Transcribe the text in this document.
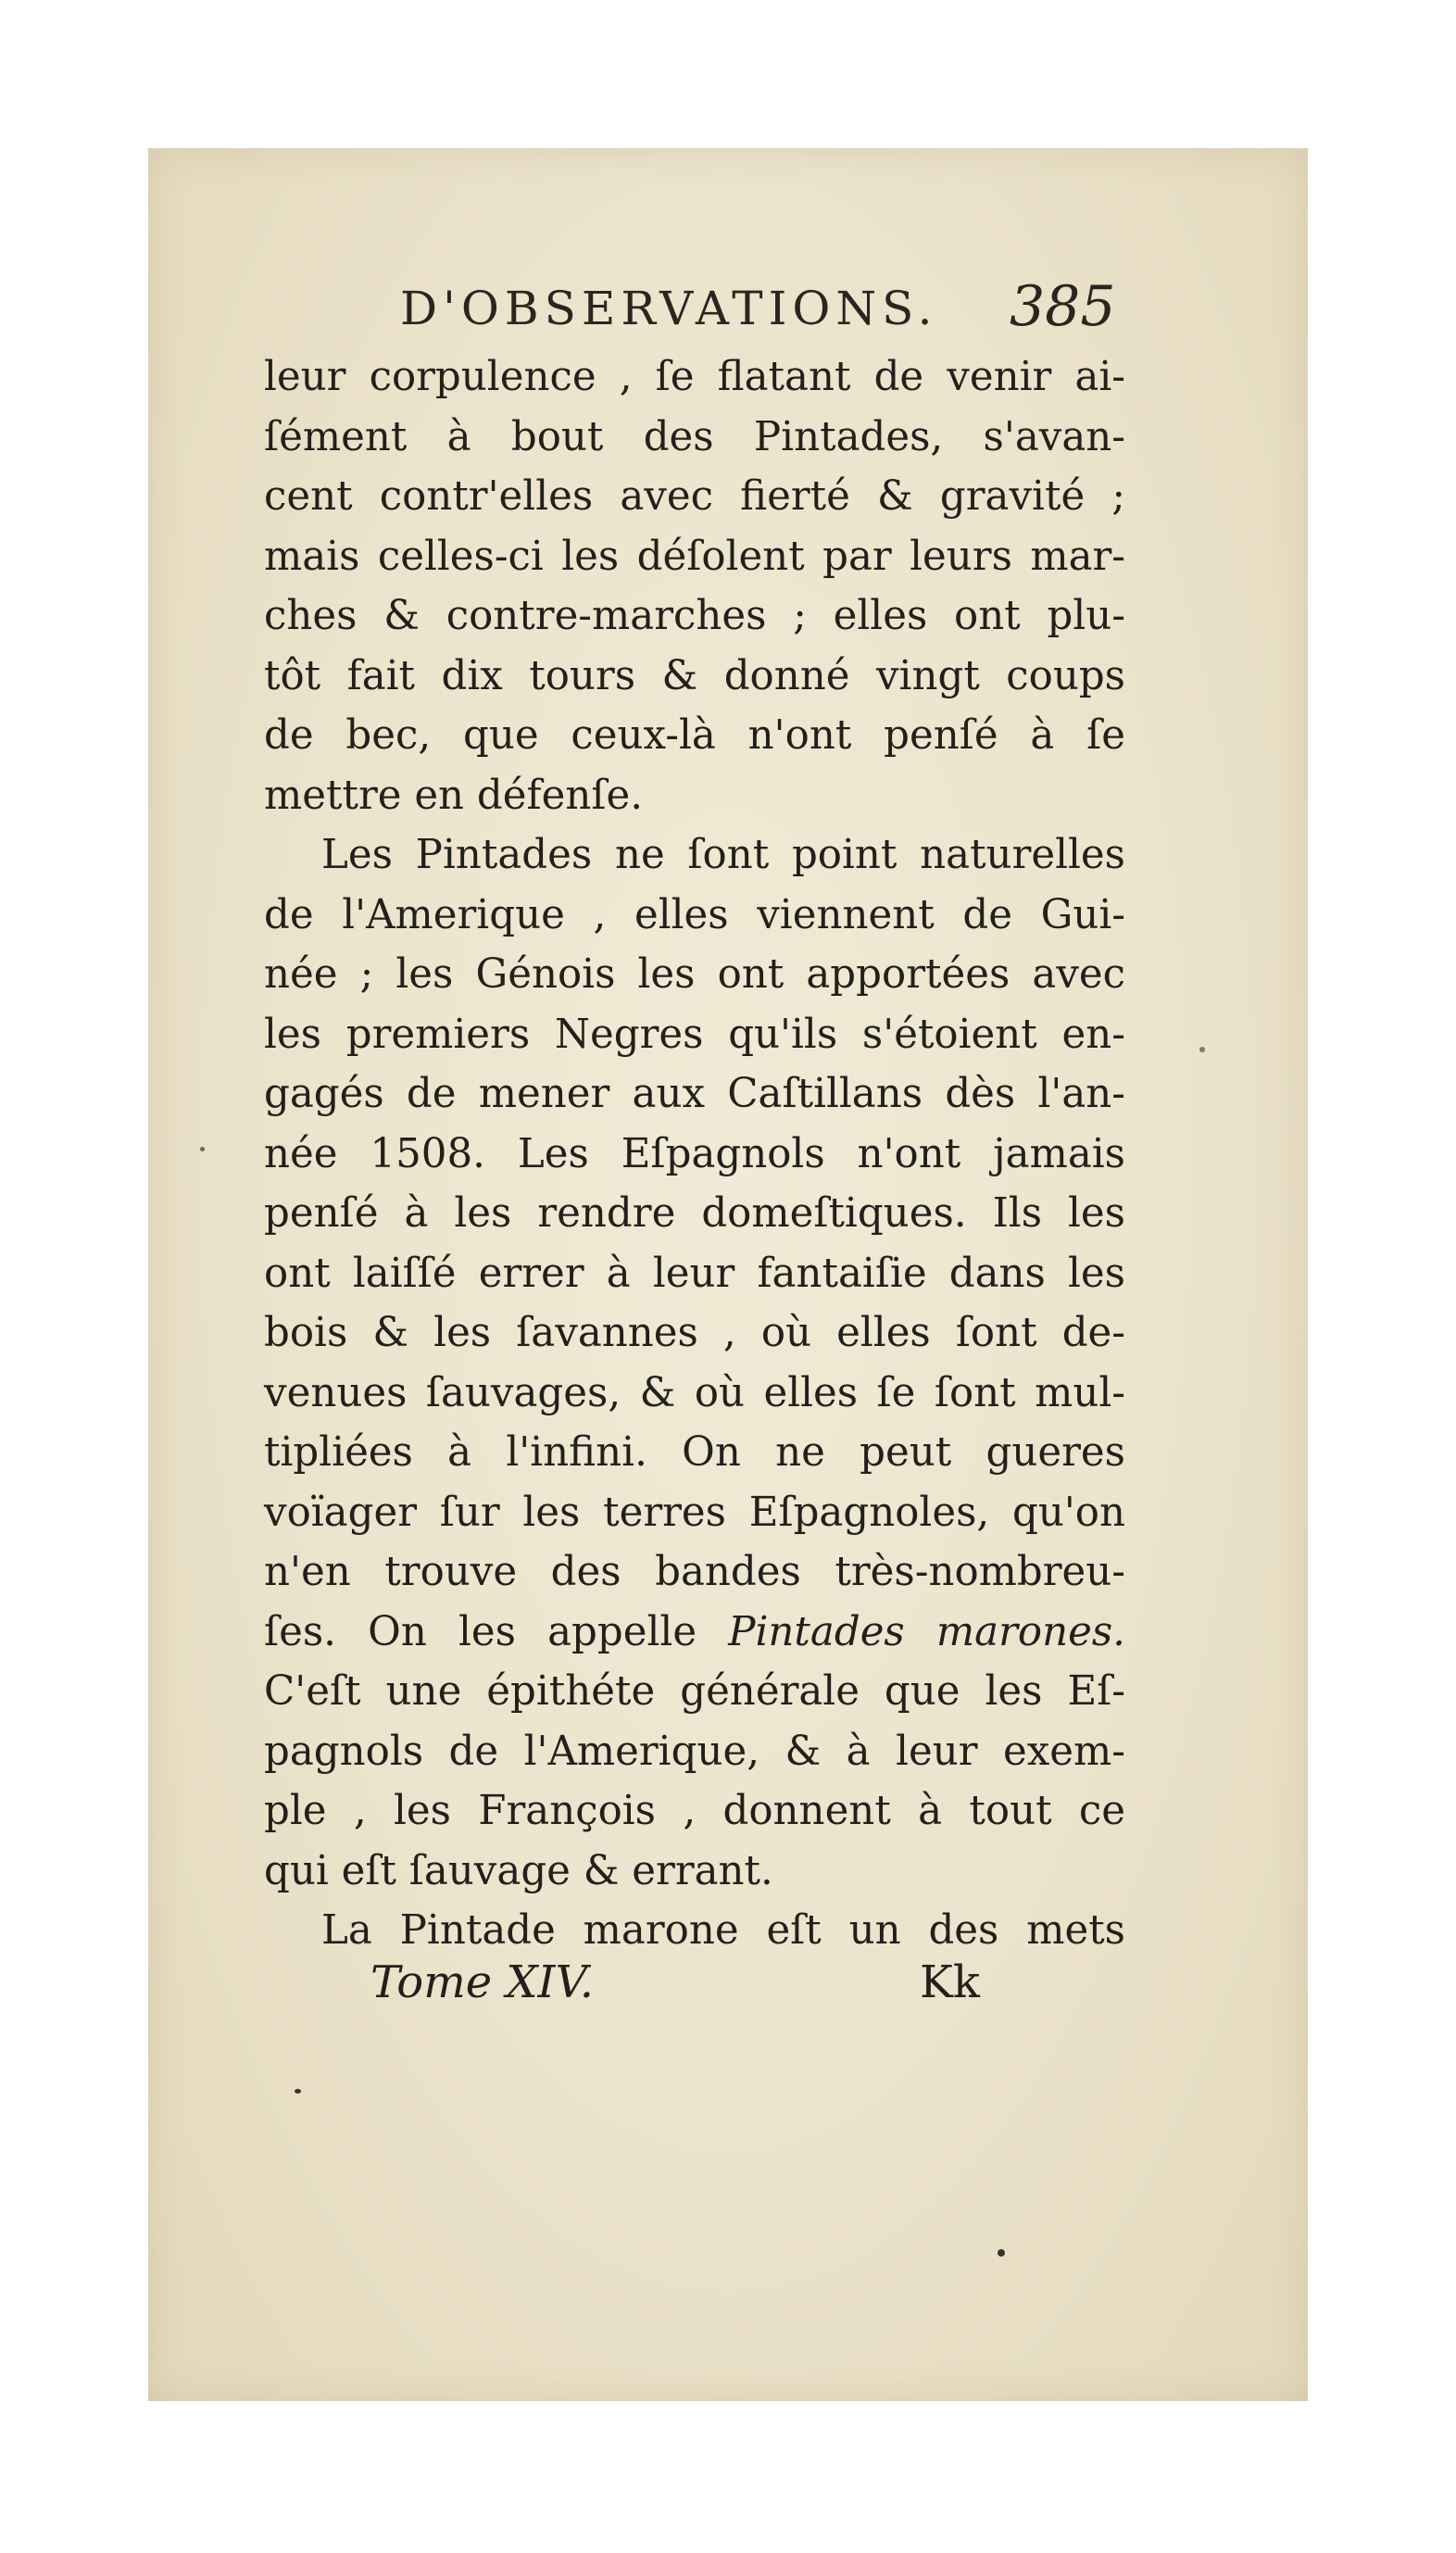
D'OBSERVATIONS. 385
leur corpulence , ſe flatant de venir ai-
ſément à bout des Pintades, s'avan-
cent contr'elles avec fierté & gravité ;
mais celles-ci les déſolent par leurs mar-
ches & contre-marches ; elles ont plu-
tôt fait dix tours & donné vingt coups
de bec, que ceux-là n'ont penſé à ſe
mettre en défenſe.
Les Pintades ne ſont point naturelles
de l'Amerique , elles viennent de Gui-
née ; les Génois les ont apportées avec
les premiers Negres qu'ils s'étoient en-
gagés de mener aux Caſtillans dès l'an-
née 1508. Les Eſpagnols n'ont jamais
penſé à les rendre domeſtiques. Ils les
ont laiſſé errer à leur fantaiſie dans les
bois & les ſavannes , où elles ſont de-
venues ſauvages, & où elles ſe ſont mul-
tipliées à l'infini. On ne peut gueres
voïager ſur les terres Eſpagnoles, qu'on
n'en trouve des bandes très-nombreu-
ſes. On les appelle Pintades marones.
C'eſt une épithéte générale que les Eſ-
pagnols de l'Amerique, & à leur exem-
ple , les François , donnent à tout ce
qui eſt ſauvage & errant.
La Pintade marone eſt un des mets
Tome XIV.	Kk
